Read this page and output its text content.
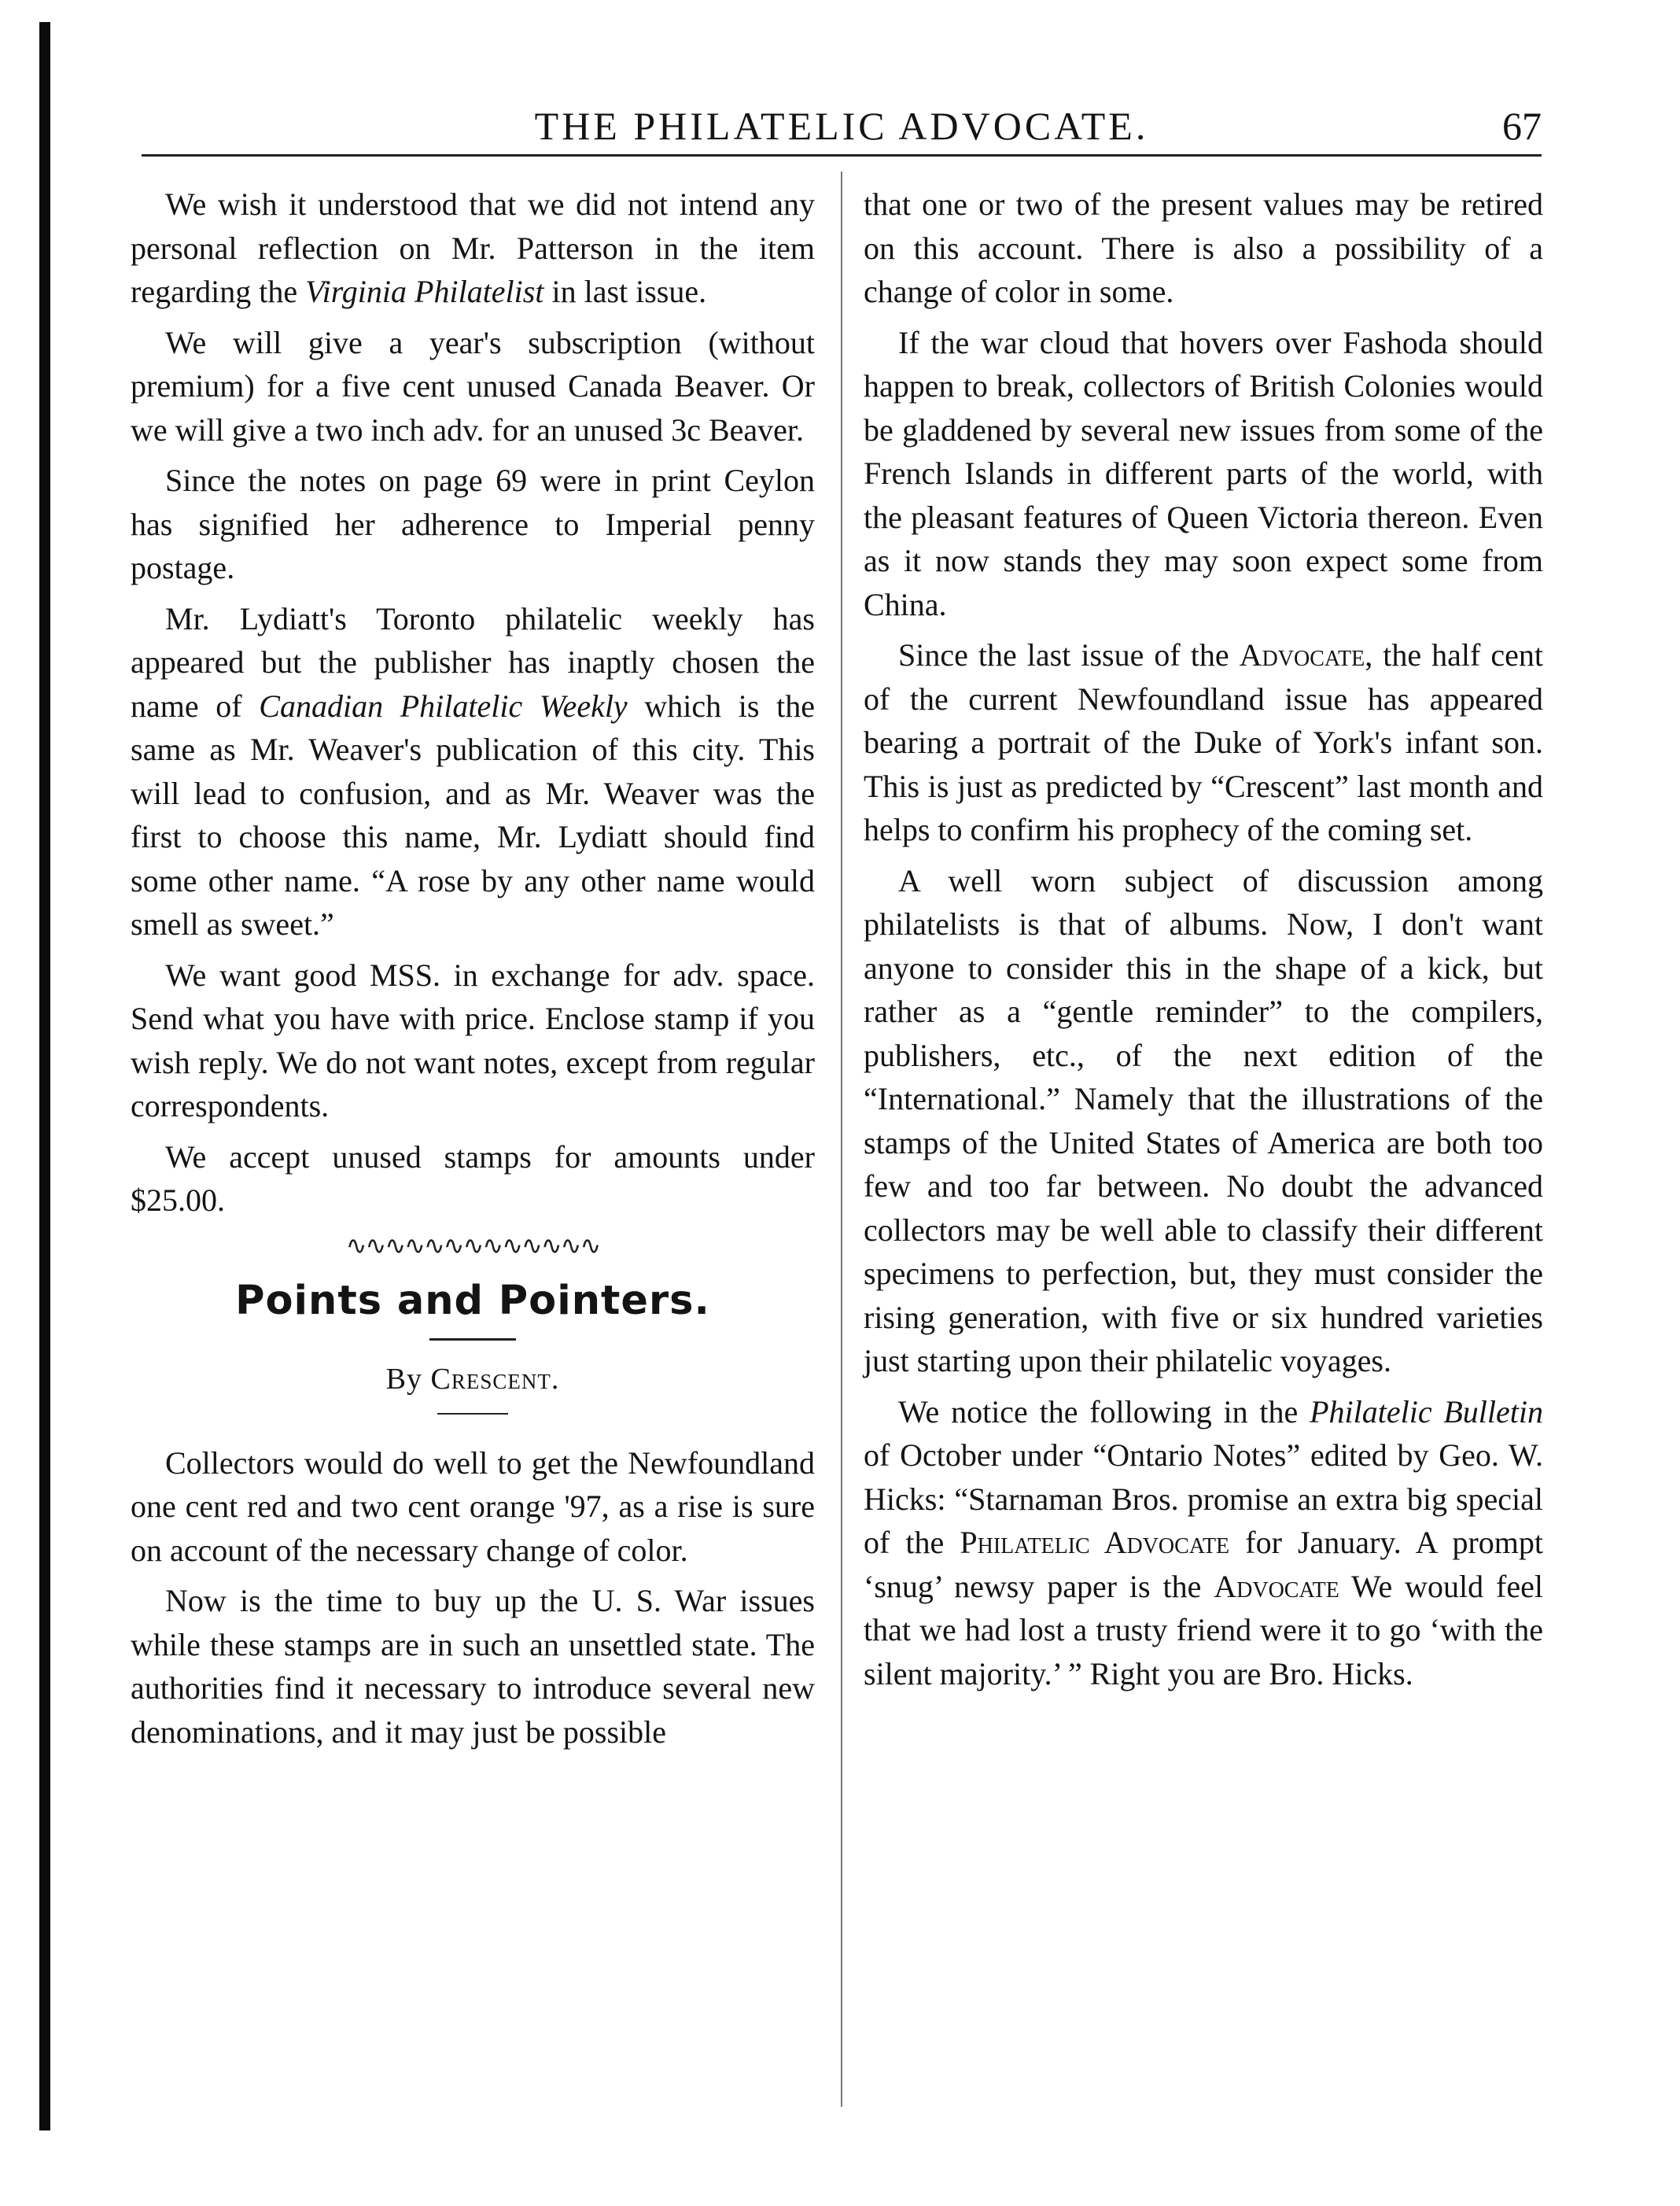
THE PHILATELIC ADVOCATE.	67

We wish it understood that we did not intend any personal reflection on Mr. Patterson in the item regarding the Virginia Philatelist in last issue.

We will give a year's subscription (without premium) for a five cent unused Canada Beaver. Or we will give a two inch adv. for an unused 3c Beaver.

Since the notes on page 69 were in print Ceylon has signified her adherence to Imperial penny postage.

Mr. Lydiatt's Toronto philatelic weekly has appeared but the publisher has inaptly chosen the name of Canadian Philatelic Weekly which is the same as Mr. Weaver's publication of this city. This will lead to confusion, and as Mr. Weaver was the first to choose this name, Mr. Lydiatt should find some other name. “A rose by any other name would smell as sweet.”

We want good MSS. in exchange for adv. space. Send what you have with price. Enclose stamp if you wish reply. We do not want notes, except from regular correspondents.

We accept unused stamps for amounts under $25.00.

∿∿∿∿∿∿∿∿∿∿∿∿∿
Points and Pointers.
By Crescent.

Collectors would do well to get the Newfoundland one cent red and two cent orange '97, as a rise is sure on account of the necessary change of color.

Now is the time to buy up the U. S. War issues while these stamps are in such an unsettled state. The authorities find it necessary to introduce several new denominations, and it may just be possible

that one or two of the present values may be retired on this account. There is also a possibility of a change of color in some.

If the war cloud that hovers over Fashoda should happen to break, collectors of British Colonies would be gladdened by several new issues from some of the French Islands in different parts of the world, with the pleasant features of Queen Victoria thereon. Even as it now stands they may soon expect some from China.

Since the last issue of the Advocate, the half cent of the current Newfoundland issue has appeared bearing a portrait of the Duke of York's infant son. This is just as predicted by “Crescent” last month and helps to confirm his prophecy of the coming set.

A well worn subject of discussion among philatelists is that of albums. Now, I don't want anyone to consider this in the shape of a kick, but rather as a “gentle reminder” to the compilers, publishers, etc., of the next edition of the “International.” Namely that the illustrations of the stamps of the United States of America are both too few and too far between. No doubt the advanced collectors may be well able to classify their different specimens to perfection, but, they must consider the rising generation, with five or six hundred varieties just starting upon their philatelic voyages.

We notice the following in the Philatelic Bulletin of October under “Ontario Notes” edited by Geo. W. Hicks: “Starnaman Bros. promise an extra big special of the Philatelic Advocate for January. A prompt ‘snug’ newsy paper is the Advocate We would feel that we had lost a trusty friend were it to go ‘with the silent majority.’ ” Right you are Bro. Hicks.
